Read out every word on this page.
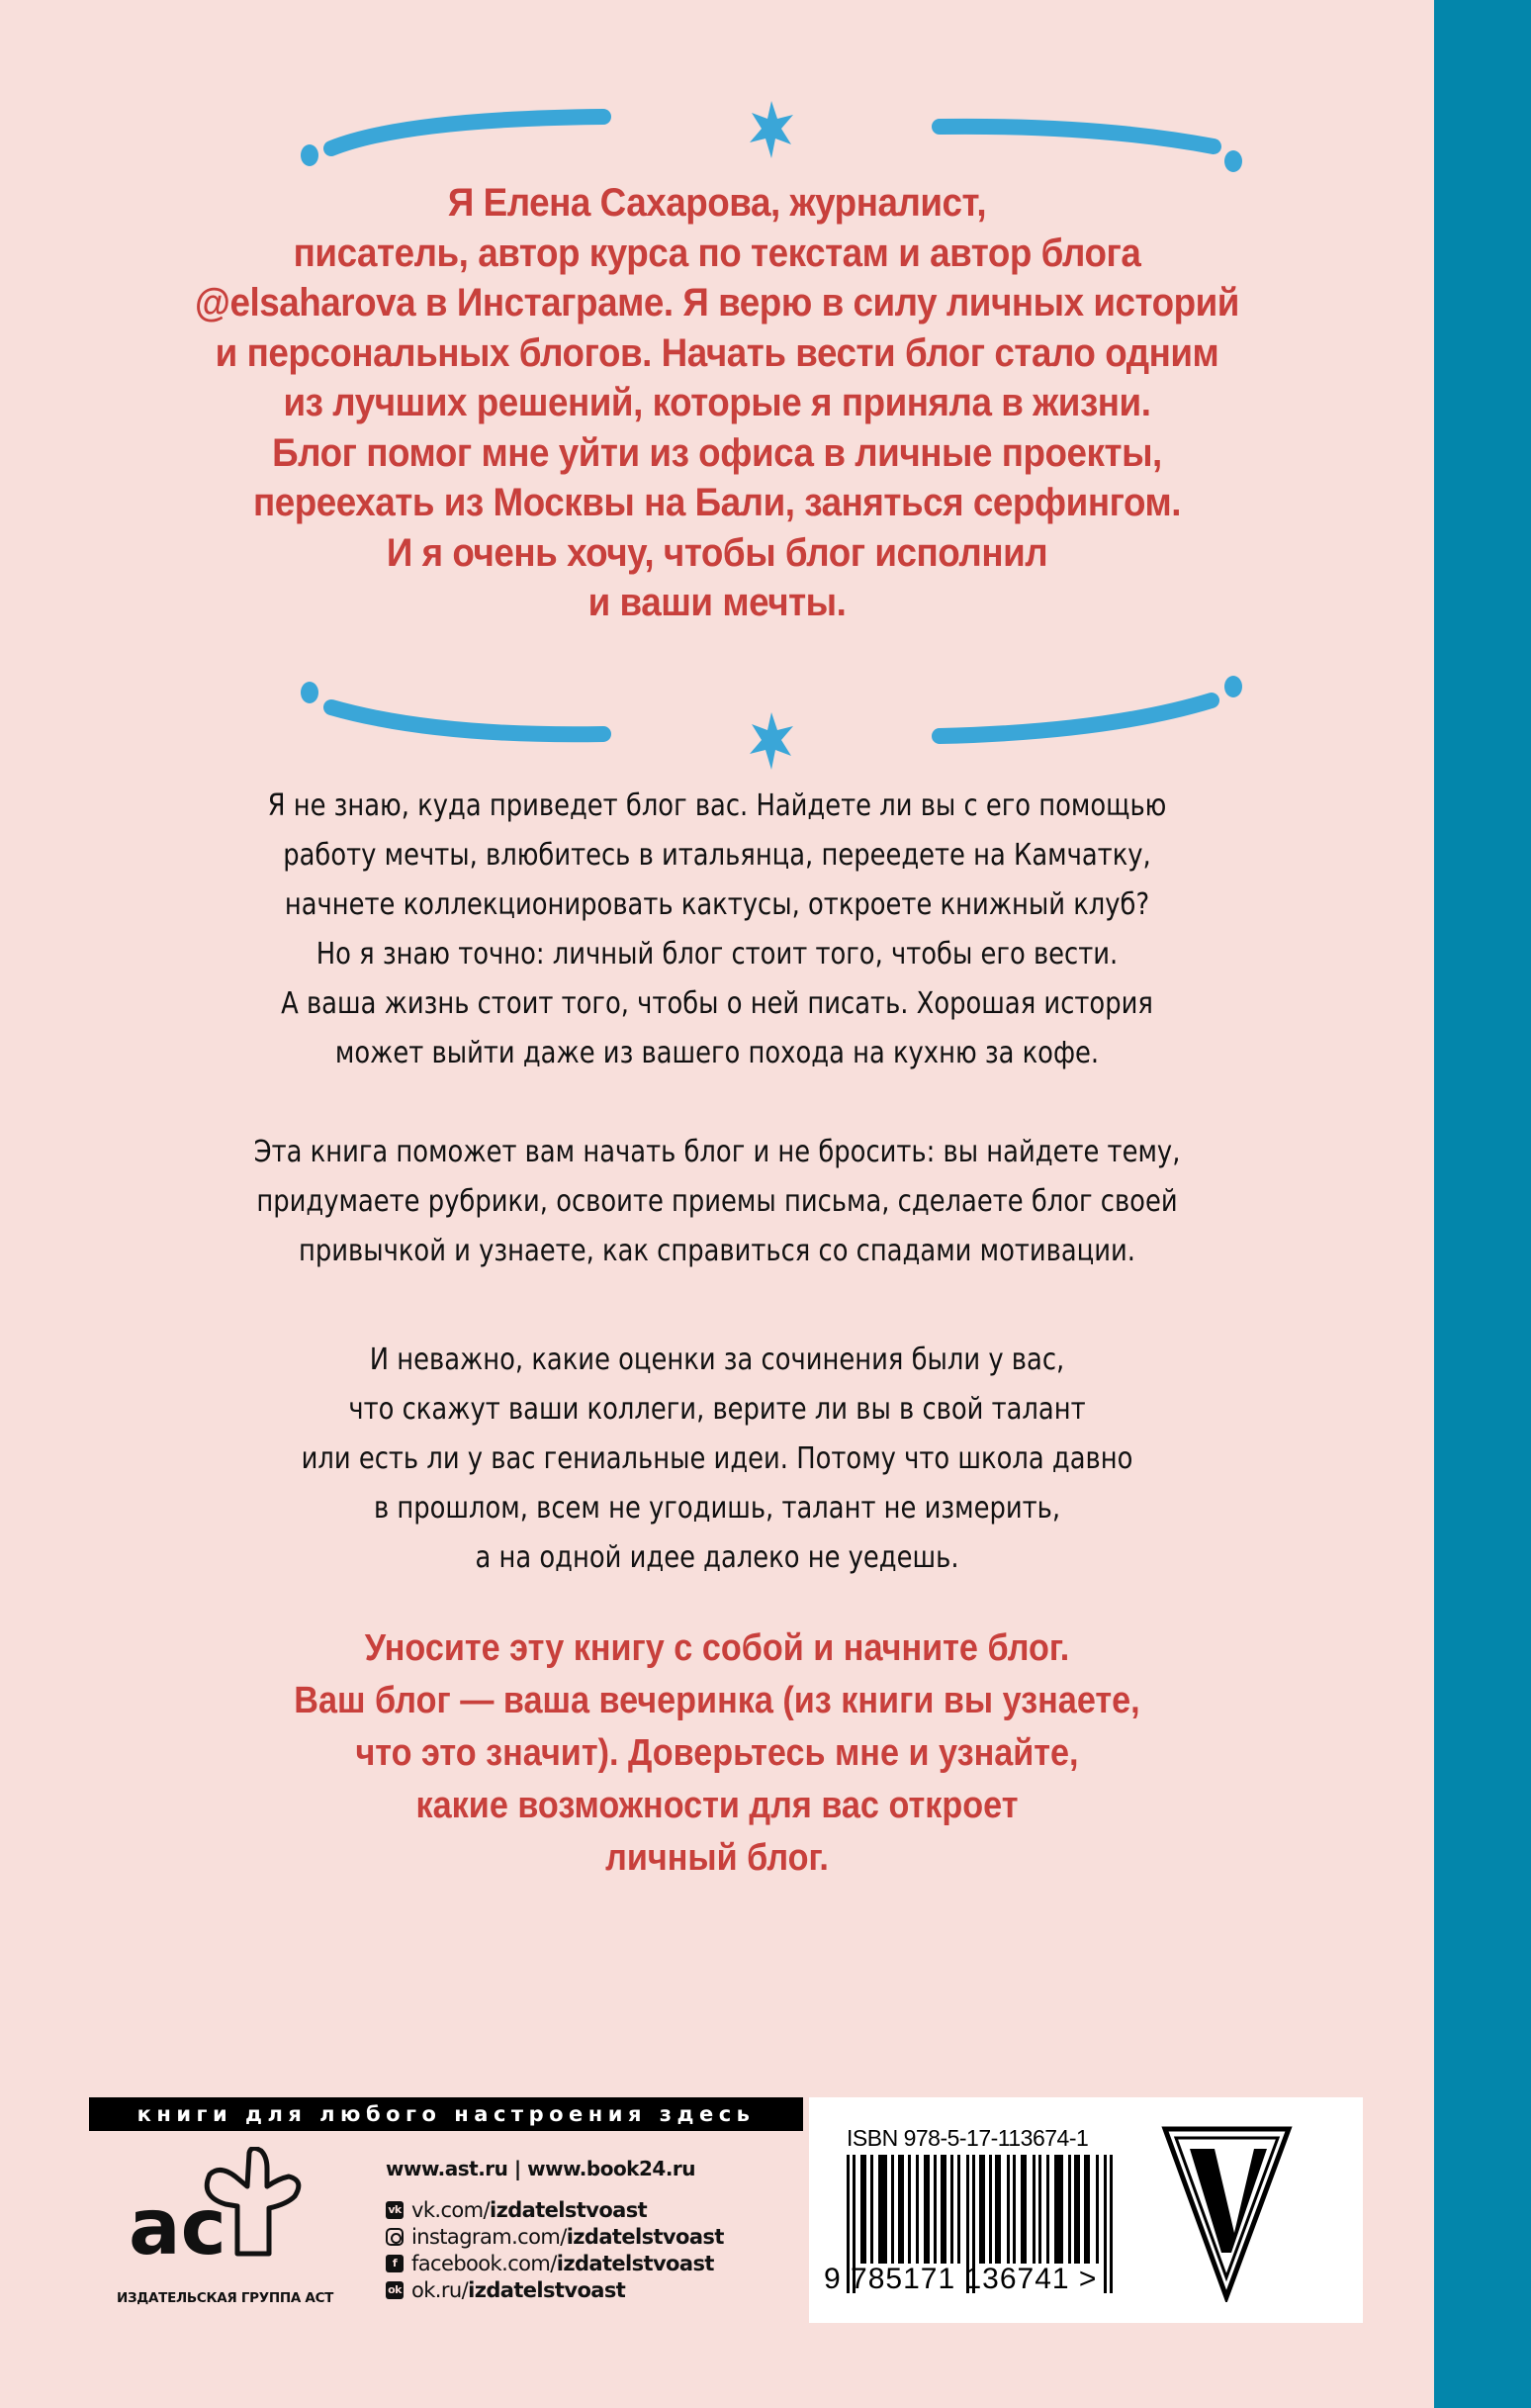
Я Елена Сахарова, журналист,
писатель, автор курса по текстам и автор блога
@elsaharova в Инстаграме. Я верю в силу личных историй
и персональных блогов. Начать вести блог стало одним
из лучших решений, которые я приняла в жизни.
Блог помог мне уйти из офиса в личные проекты,
переехать из Москвы на Бали, заняться серфингом.
И я очень хочу, чтобы блог исполнил
и ваши мечты.
Я не знаю, куда приведет блог вас. Найдете ли вы с его помощью
работу мечты, влюбитесь в итальянца, переедете на Камчатку,
начнете коллекционировать кактусы, откроете книжный клуб?
Но я знаю точно: личный блог стоит того, чтобы его вести.
А ваша жизнь стоит того, чтобы о ней писать. Хорошая история
может выйти даже из вашего похода на кухню за кофе.
Эта книга поможет вам начать блог и не бросить: вы найдете тему,
придумаете рубрики, освоите приемы письма, сделаете блог своей
привычкой и узнаете, как справиться со спадами мотивации.
И неважно, какие оценки за сочинения были у вас,
что скажут ваши коллеги, верите ли вы в свой талант
или есть ли у вас гениальные идеи. Потому что школа давно
в прошлом, всем не угодишь, талант не измерить,
а на одной идее далеко не уедешь.
Уносите эту книгу с собой и начните блог.
Ваш блог — ваша вечеринка (из книги вы узнаете,
что это значит). Доверьтесь мне и узнайте,
какие возможности для вас откроет
личный блог.
книги для любого настроения здесь
ac
ИЗДАТЕЛЬСКАЯ ГРУППА АСТ
www.ast.ru | www.book24.ru
vk vk.com/ izdatelstvoast
instagram.com/ izdatelstvoast
f facebook.com/ izdatelstvoast
ok ok.ru/ izdatelstvoast
ISBN 978-5-17-113674-1
9 785171 136741 >
